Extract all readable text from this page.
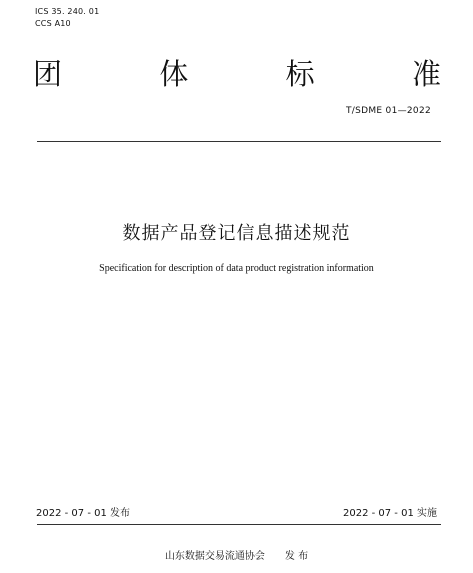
ICS 35. 240. 01
CCS A10
团	体	标	准
T/SDME 01—2022
数据产品登记信息描述规范
Specification for description of data product registration information
2022 - 07 - 01 发布	2022 - 07 - 01 实施
山东数据交易流通协会 发 布
